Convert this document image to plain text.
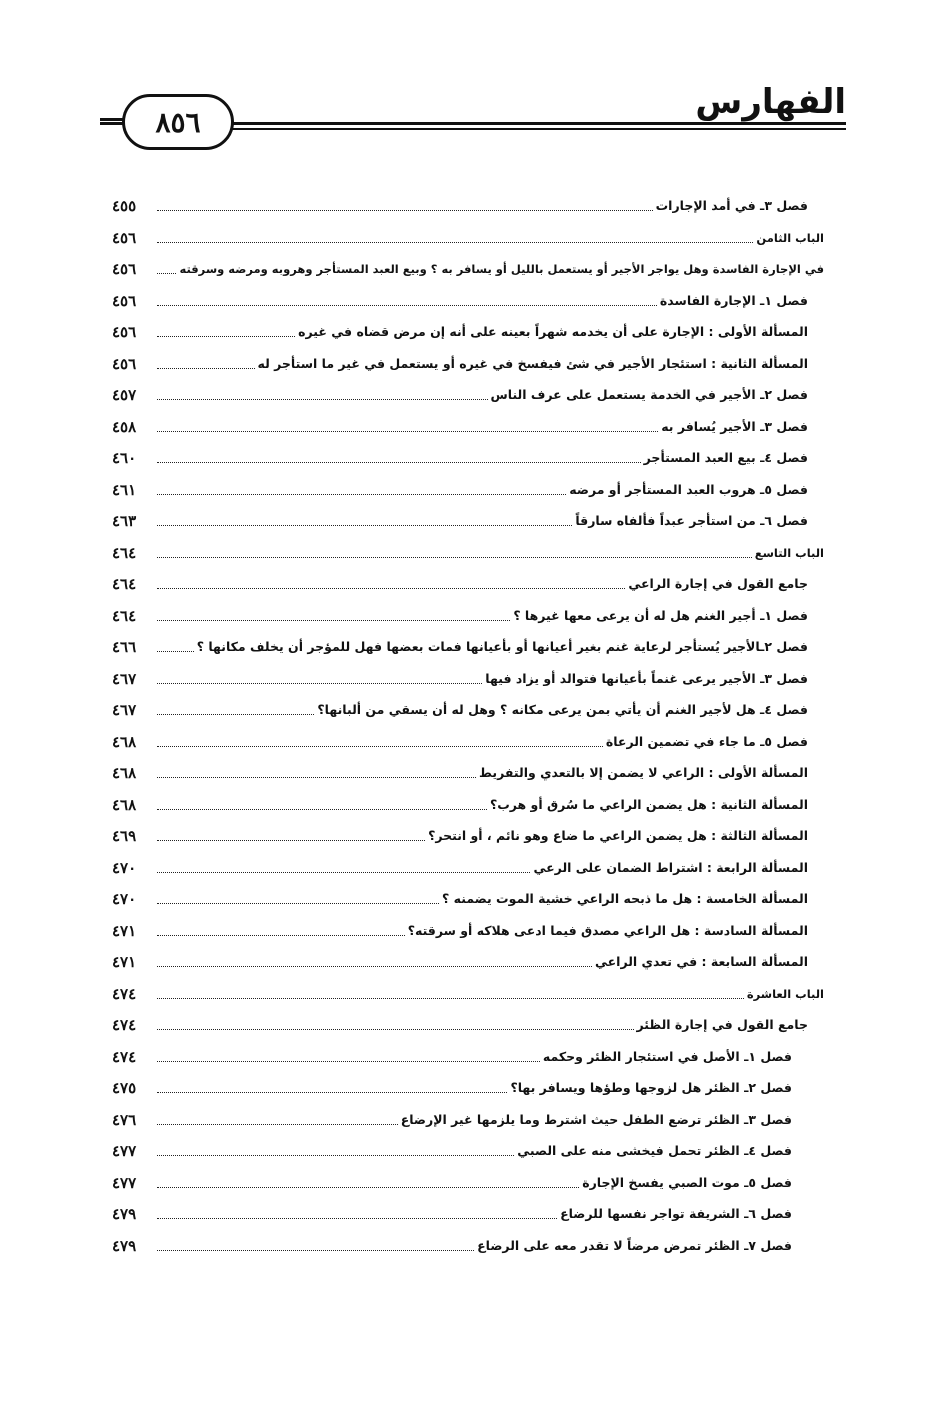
٨٥٦	الفهارس
٤٥٥	فصل ٣ـ في أمد الإجارات
٤٥٦	الباب الثامن
٤٥٦	في الإجارة الفاسدة وهل يواجر الأجير أو يستعمل بالليل أو يسافر به ؟ وبيع العبد المستأجر وهروبه ومرضه وسرقته
٤٥٦	فصل ١ـ الإجارة الفاسدة
٤٥٦	المسألة الأولى : الإجارة على أن يخدمه شهراً بعينه على أنه إن مرض قضاه في غيره
٤٥٦	المسألة الثانية : استئجار الأجير في شئ فيفسخ في غيره أو يستعمل في غير ما استأجر له
٤٥٧	فصل ٢ـ الأجير في الخدمة يستعمل على عرف الناس
٤٥٨	فصل ٣ـ الأجير يُسافر به
٤٦٠	فصل ٤ـ بيع العبد المستأجر
٤٦١	فصل ٥ـ هروب العبد المستأجر أو مرضه
٤٦٣	فصل ٦ـ من استأجر عبداً فألفاه سارقاً
٤٦٤	الباب التاسع
٤٦٤	جامع القول في إجارة الراعي
٤٦٤	فصل ١ـ أجير الغنم هل له أن يرعى معها غيرها ؟
٤٦٦	فصل ٢ـالأجير يُستأجر لرعاية غنم بغير أعيانها أو بأعيانها فمات بعضها فهل للمؤجر أن يخلف مكانها ؟
٤٦٧	فصل ٣ـ الأجير يرعى غنماً بأعيانها فتوالد أو يزاد فيها
٤٦٧	فصل ٤ـ هل لأجير الغنم أن يأتي بمن يرعى مكانه ؟ وهل له أن يسقي من ألبانها؟
٤٦٨	فصل ٥ـ ما جاء في تضمين الرعاة
٤٦٨	المسألة الأولى : الراعي لا يضمن إلا بالتعدي والتفريط
٤٦٨	المسألة الثانية : هل يضمن الراعي ما سُرق أو هرب؟
٤٦٩	المسألة الثالثة : هل يضمن الراعي ما ضاع وهو نائم ، أو انتحر؟
٤٧٠	المسألة الرابعة : اشتراط الضمان على الرعي
٤٧٠	المسألة الخامسة : هل ما ذبحه الراعي خشية الموت يضمنه ؟
٤٧١	المسألة السادسة : هل الراعي مصدق فيما ادعى هلاكه أو سرقته؟
٤٧١	المسألة السابعة : في تعدي الراعي
٤٧٤	الباب العاشرة
٤٧٤	جامع القول في إجارة الظئر
٤٧٤	فصل ١ـ الأصل في استئجار الظئر وحكمه
٤٧٥	فصل ٢ـ الظئر هل لزوجها وطؤها ويسافر بها؟
٤٧٦	فصل ٣ـ الظئر ترضع الطفل حيث اشترط وما يلزمها غير الإرضاع
٤٧٧	فصل ٤ـ الظئر تحمل فيخشى منه على الصبي
٤٧٧	فصل ٥ـ موت الصبي يفسخ الإجارة
٤٧٩	فصل ٦ـ الشريفة تواجر نفسها للرضاع
٤٧٩	فصل ٧ـ الظئر تمرض مرضاً لا تقدر معه على الرضاع
